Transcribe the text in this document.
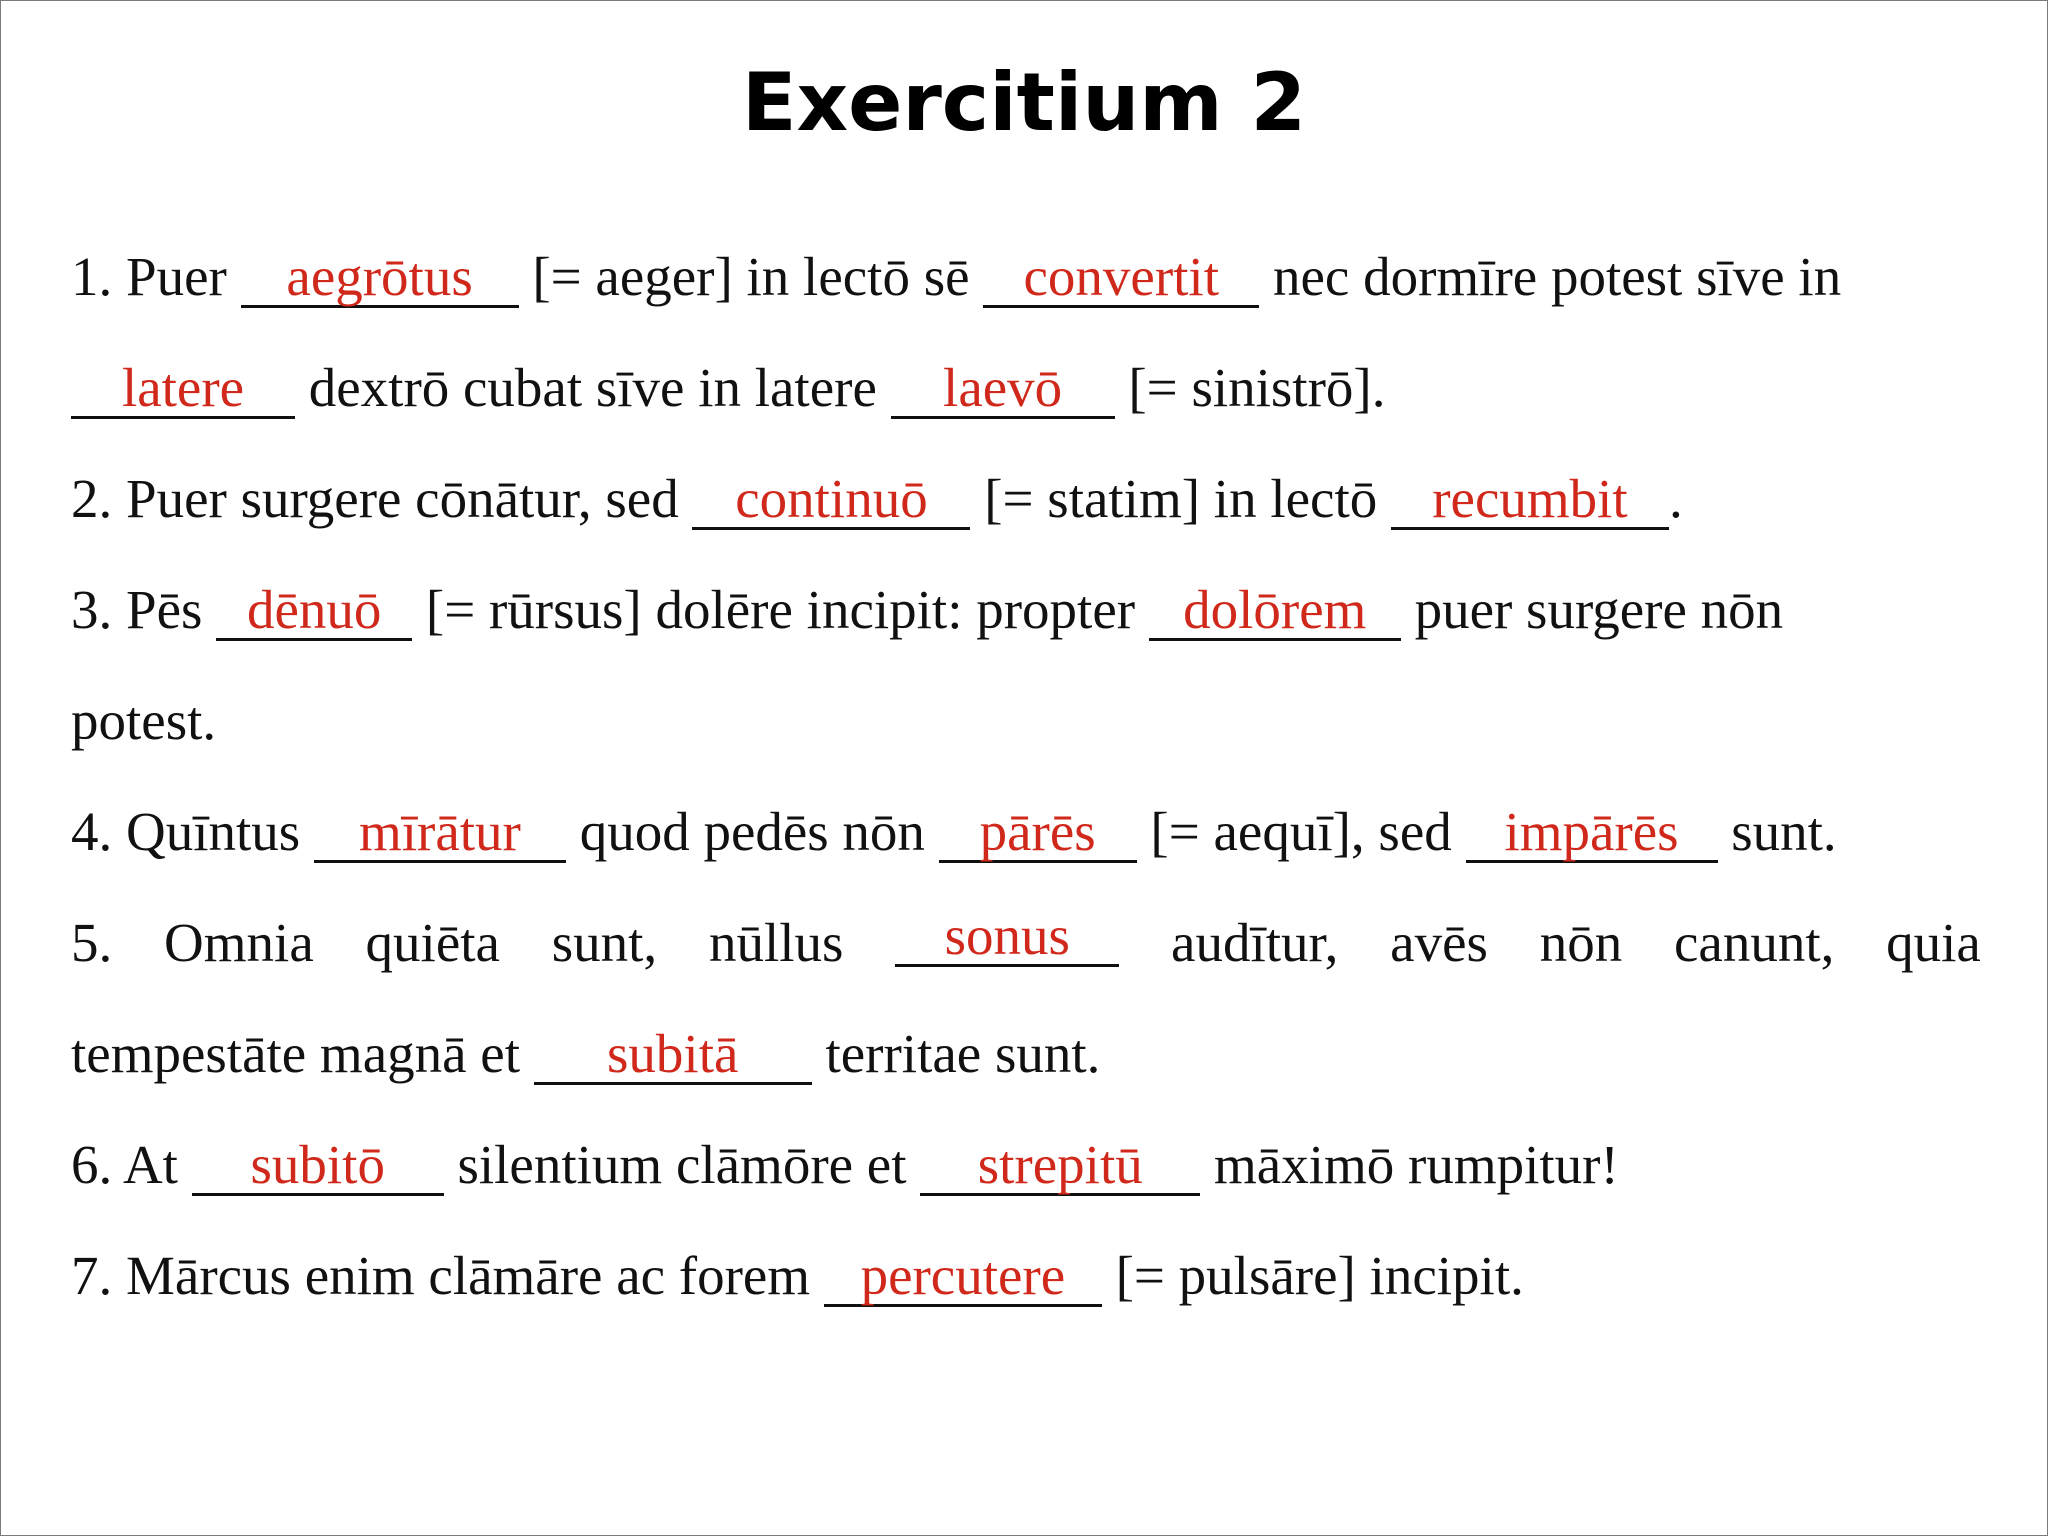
Exercitium 2
1. Puer aegrōtus [= aeger] in lectō sē convertit nec dormīre potest sīve in
latere dextrō cubat sīve in latere laevō [= sinistrō].
2. Puer surgere cōnātur, sed continuō [= statim] in lectō recumbit .
3. Pēs dēnuō [= rūrsus] dolēre incipit: propter dolōrem puer surgere nōn
potest.
4. Quīntus mīrātur quod pedēs nōn pārēs [= aequī], sed impārēs sunt.
5. Omnia quiēta sunt, nūllus	sonus	audītur, avēs nōn canunt, quia
tempestāte magnā et subitā territae sunt.
6. At subitō silentium clāmōre et strepitū māximō rumpitur!
7. Mārcus enim clāmāre ac forem percutere [= pulsāre] incipit.
